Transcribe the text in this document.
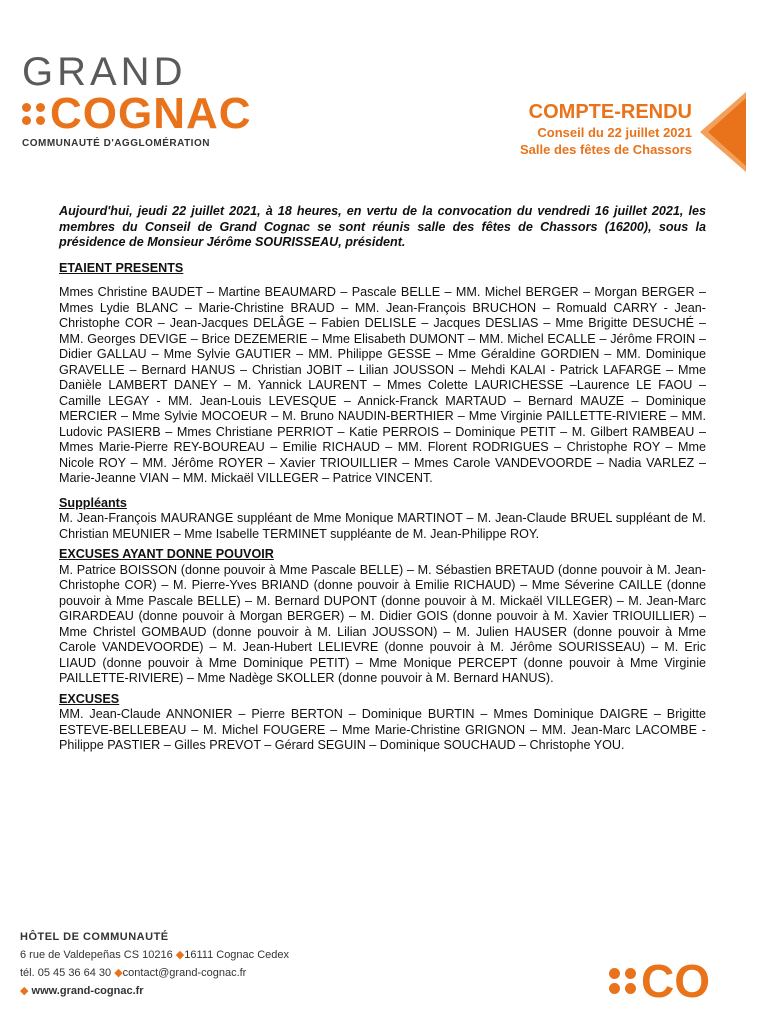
GRAND
COGNAC
COMMUNAUTÉ D'AGGLOMÉRATION
COMPTE-RENDU
Conseil du 22 juillet 2021
Salle des fêtes de Chassors

Aujourd'hui, jeudi 22 juillet 2021, à 18 heures, en vertu de la convocation du vendredi 16 juillet 2021, les membres du Conseil de Grand Cognac se sont réunis salle des fêtes de Chassors (16200), sous la présidence de Monsieur Jérôme SOURISSEAU, président.

ETAIENT PRESENTS

Mmes Christine BAUDET – Martine BEAUMARD – Pascale BELLE – MM. Michel BERGER – Morgan BERGER – Mmes Lydie BLANC – Marie-Christine BRAUD – MM. Jean-François BRUCHON – Romuald CARRY - Jean-Christophe COR – Jean-Jacques DELÂGE – Fabien DELISLE – Jacques DESLIAS – Mme Brigitte DESUCHÉ – MM. Georges DEVIGE – Brice DEZEMERIE – Mme Elisabeth DUMONT – MM. Michel ECALLE – Jérôme FROIN – Didier GALLAU – Mme Sylvie GAUTIER – MM. Philippe GESSE – Mme Géraldine GORDIEN – MM. Dominique GRAVELLE – Bernard HANUS – Christian JOBIT – Lilian JOUSSON – Mehdi KALAI - Patrick LAFARGE – Mme Danièle LAMBERT DANEY – M. Yannick LAURENT – Mmes Colette LAURICHESSE –Laurence LE FAOU – Camille LEGAY - MM. Jean-Louis LEVESQUE – Annick-Franck MARTAUD – Bernard MAUZE – Dominique MERCIER – Mme Sylvie MOCOEUR – M. Bruno NAUDIN-BERTHIER – Mme Virginie PAILLETTE-RIVIERE – MM. Ludovic PASIERB – Mmes Christiane PERRIOT – Katie PERROIS – Dominique PETIT – M. Gilbert RAMBEAU – Mmes Marie-Pierre REY-BOUREAU – Emilie RICHAUD – MM. Florent RODRIGUES – Christophe ROY – Mme Nicole ROY – MM. Jérôme ROYER – Xavier TRIOUILLIER – Mmes Carole VANDEVOORDE – Nadia VARLEZ – Marie-Jeanne VIAN – MM. Mickaël VILLEGER – Patrice VINCENT.

Suppléants

M. Jean-François MAURANGE suppléant de Mme Monique MARTINOT – M. Jean-Claude BRUEL suppléant de M. Christian MEUNIER – Mme Isabelle TERMINET suppléante de M. Jean-Philippe ROY.

EXCUSES AYANT DONNE POUVOIR

M. Patrice BOISSON (donne pouvoir à Mme Pascale BELLE) – M. Sébastien BRETAUD (donne pouvoir à M. Jean-Christophe COR) – M. Pierre-Yves BRIAND (donne pouvoir à Emilie RICHAUD) – Mme Séverine CAILLE (donne pouvoir à Mme Pascale BELLE) – M. Bernard DUPONT (donne pouvoir à M. Mickaël VILLEGER) – M. Jean-Marc GIRARDEAU (donne pouvoir à Morgan BERGER) – M. Didier GOIS (donne pouvoir à M. Xavier TRIOUILLIER) – Mme Christel GOMBAUD (donne pouvoir à M. Lilian JOUSSON) – M. Julien HAUSER (donne pouvoir à Mme Carole VANDEVOORDE) – M. Jean-Hubert LELIEVRE (donne pouvoir à M. Jérôme SOURISSEAU) – M. Eric LIAUD (donne pouvoir à Mme Dominique PETIT) – Mme Monique PERCEPT (donne pouvoir à Mme Virginie PAILLETTE-RIVIERE) – Mme Nadège SKOLLER (donne pouvoir à M. Bernard HANUS).

EXCUSES

MM. Jean-Claude ANNONIER – Pierre BERTON – Dominique BURTIN – Mmes Dominique DAIGRE – Brigitte ESTEVE-BELLEBEAU – M. Michel FOUGERE – Mme Marie-Christine GRIGNON – MM. Jean-Marc LACOMBE - Philippe PASTIER – Gilles PREVOT – Gérard SEGUIN – Dominique SOUCHAUD – Christophe YOU.

HÔTEL DE COMMUNAUTÉ
6 rue de Valdepeñas CS 10216 ◆16111 Cognac Cedex
tél. 05 45 36 64 30 ◆contact@grand-cognac.fr
◆ www.grand-cognac.fr	CO
